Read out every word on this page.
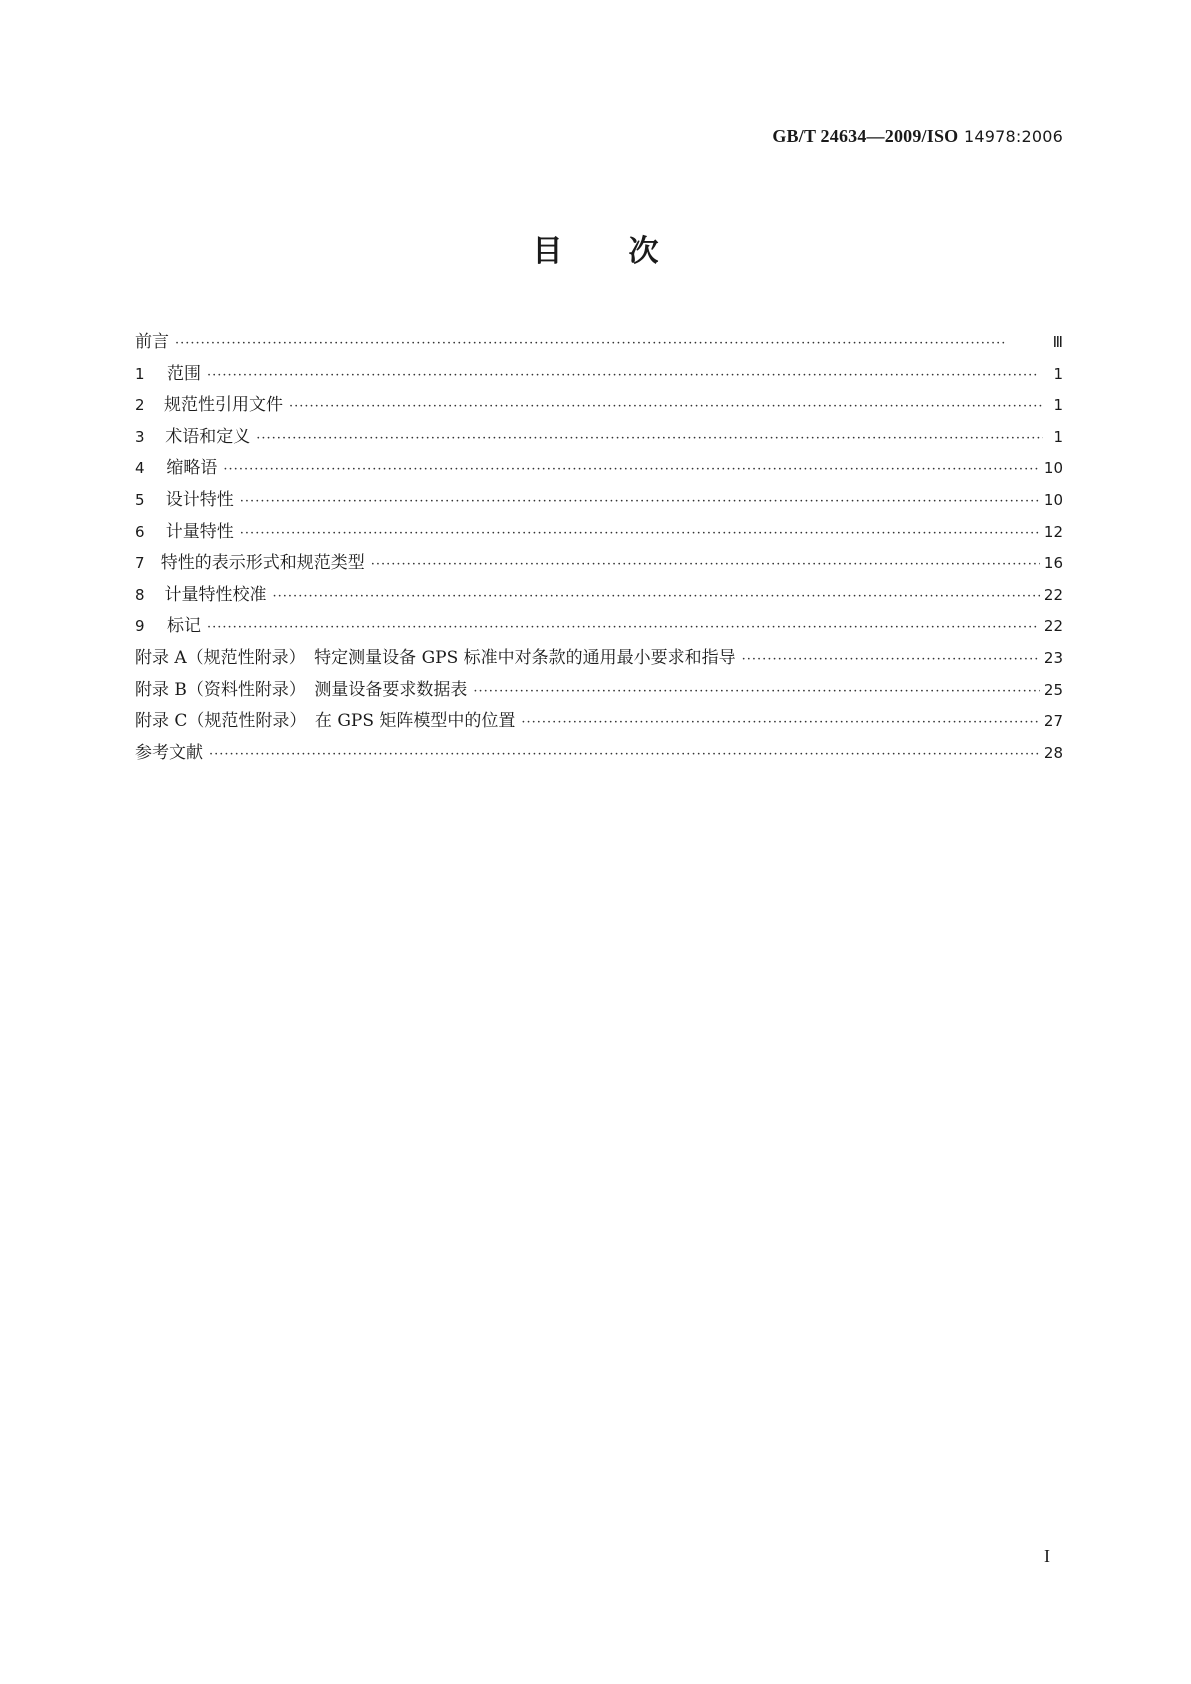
GB/T 24634—2009/ISO 14978:2006
目 次
前言 ·····	Ⅲ
1	范围 ·····	1
2	规范性引用文件 ·····	1
3	术语和定义 ·····	1
4	缩略语 ·····	10
5	设计特性 ·····	10
6	计量特性 ·····	12
7 特性的表示形式和规范类型 ·····	16
8	计量特性校准 ·····	22
9	标记 ·····	22
附录 A（规范性附录）　特定测量设备 GPS 标准中对条款的通用最小要求和指导 ·····	23
附录 B（资料性附录）　测量设备要求数据表 ·····	25
附录 C（规范性附录）　在 GPS 矩阵模型中的位置 ·····	27
参考文献 ·····	28
I
